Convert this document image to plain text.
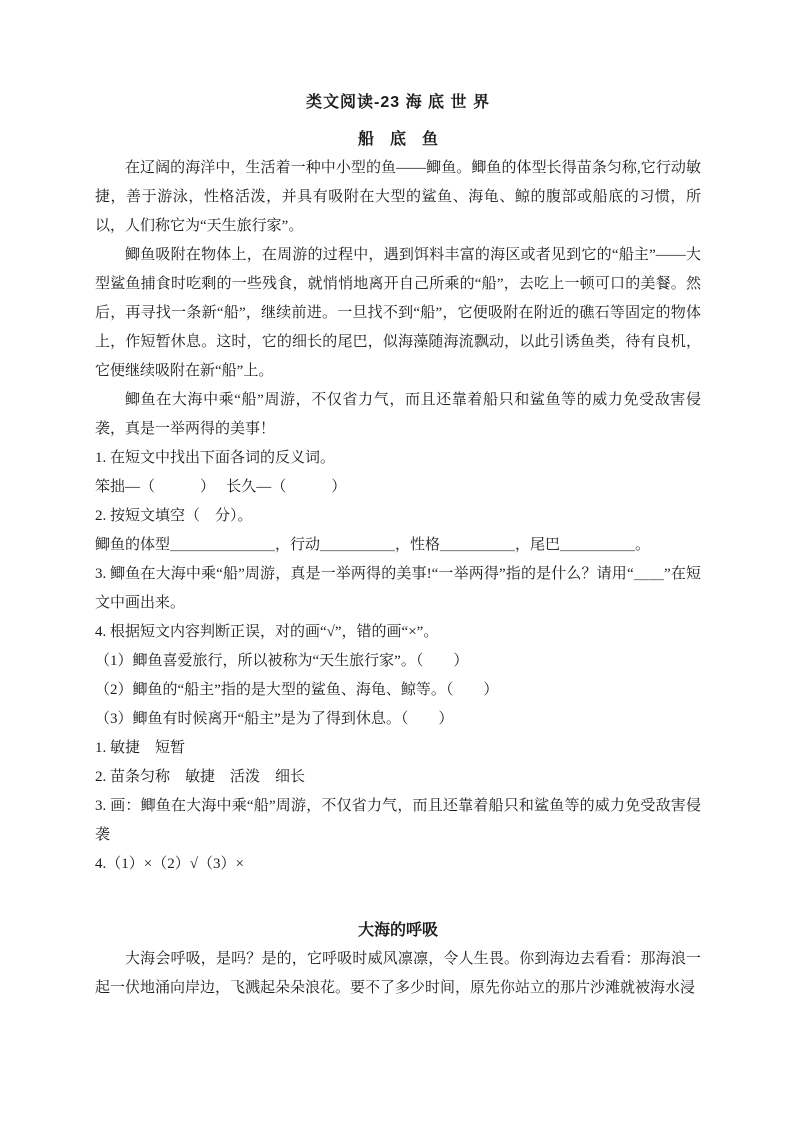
类文阅读-23 海 底 世 界
船　底　鱼

在辽阔的海洋中，生活着一种中小型的鱼——鲫鱼。鲫鱼的体型长得苗条匀称,它行动敏捷，善于游泳，性格活泼，并具有吸附在大型的鲨鱼、海龟、鲸的腹部或船底的习惯，所以，人们称它为“天生旅行家”。

鲫鱼吸附在物体上，在周游的过程中，遇到饵料丰富的海区或者见到它的“船主”——大型鲨鱼捕食时吃剩的一些残食，就悄悄地离开自己所乘的“船”，去吃上一顿可口的美餐。然后，再寻找一条新“船”，继续前进。一旦找不到“船”，它便吸附在附近的礁石等固定的物体上，作短暂休息。这时，它的细长的尾巴，似海藻随海流飘动，以此引诱鱼类，待有良机，它便继续吸附在新“船”上。

鲫鱼在大海中乘“船”周游，不仅省力气，而且还靠着船只和鲨鱼等的威力免受敌害侵袭，真是一举两得的美事！

1. 在短文中找出下面各词的反义词。

笨拙—（　　　）　 长久—（　　　）

2. 按短文填空（　分）。

鲫鱼的体型＿＿＿＿＿＿＿，行动＿＿＿＿＿，性格＿＿＿＿＿，尾巴＿＿＿＿＿。

3. 鲫鱼在大海中乘“船”周游，真是一举两得的美事!“一举两得”指的是什么？请用“＿＿”在短文中画出来。

4. 根据短文内容判断正误，对的画“√”，错的画“×”。

（1）鲫鱼喜爱旅行，所以被称为“天生旅行家”。（　　）

（2）鲫鱼的“船主”指的是大型的鲨鱼、海龟、鲸等。（　　）

（3）鲫鱼有时候离开“船主”是为了得到休息。（　　）

1. 敏捷　短暂

2. 苗条匀称　敏捷　活泼　细长

3. 画：鲫鱼在大海中乘“船”周游，不仅省力气，而且还靠着船只和鲨鱼等的威力免受敌害侵袭

4.（1）×（2）√（3）×

大海的呼吸

大海会呼吸，是吗？是的，它呼吸时威风凛凛，令人生畏。你到海边去看看：那海浪一起一伏地涌向岸边，飞溅起朵朵浪花。要不了多少时间，原先你站立的那片沙滩就被海水浸
